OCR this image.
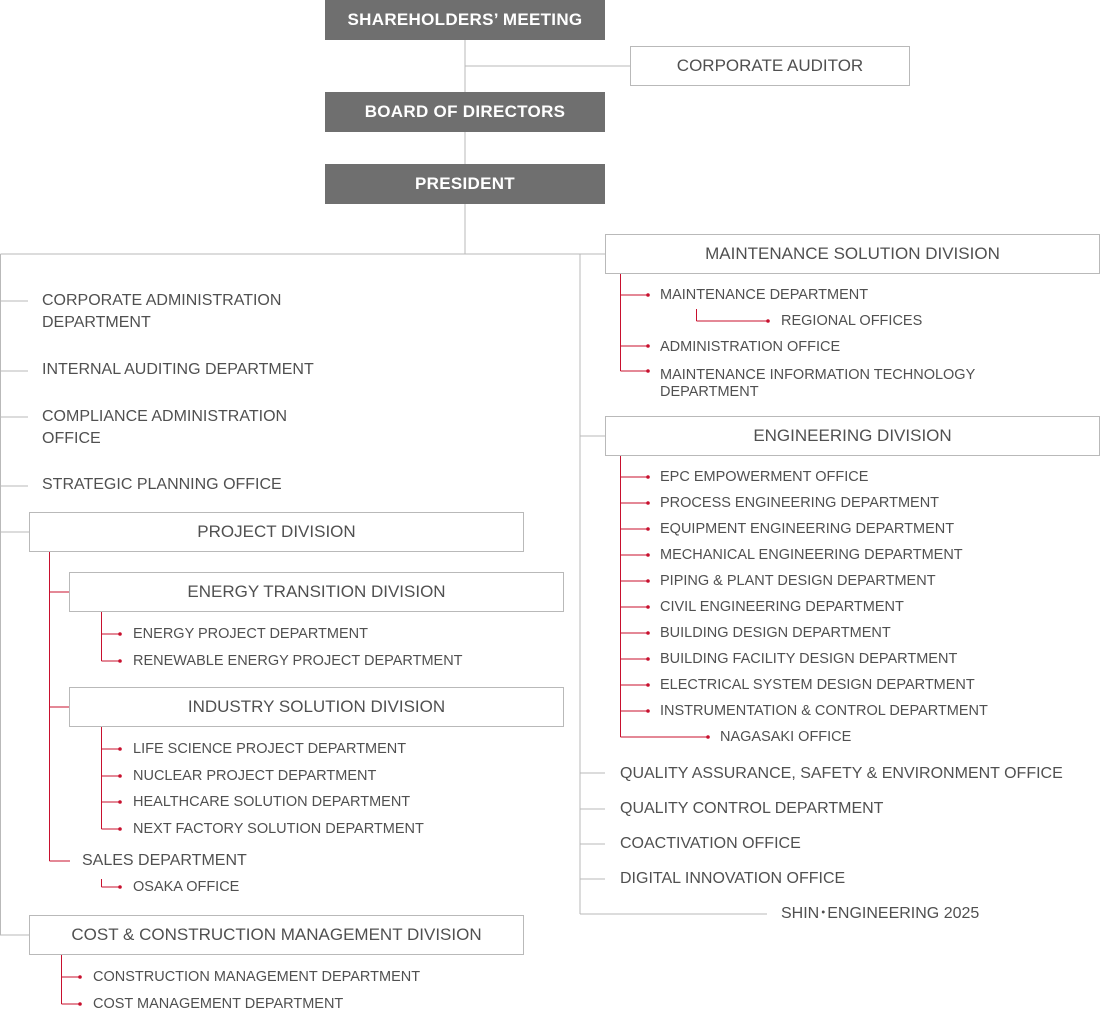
SHAREHOLDERS’ MEETING
CORPORATE AUDITOR
BOARD OF DIRECTORS
PRESIDENT
CORPORATE ADMINISTRATION DEPARTMENT
INTERNAL AUDITING DEPARTMENT
COMPLIANCE ADMINISTRATION OFFICE
STRATEGIC PLANNING OFFICE
PROJECT DIVISION
ENERGY TRANSITION DIVISION
ENERGY PROJECT DEPARTMENT
RENEWABLE ENERGY PROJECT DEPARTMENT
INDUSTRY SOLUTION DIVISION
LIFE SCIENCE PROJECT DEPARTMENT
NUCLEAR PROJECT DEPARTMENT
HEALTHCARE SOLUTION DEPARTMENT
NEXT FACTORY SOLUTION DEPARTMENT
SALES DEPARTMENT
OSAKA OFFICE
COST & CONSTRUCTION MANAGEMENT DIVISION
CONSTRUCTION MANAGEMENT DEPARTMENT
COST MANAGEMENT DEPARTMENT
MAINTENANCE SOLUTION DIVISION
MAINTENANCE DEPARTMENT
REGIONAL OFFICES
ADMINISTRATION OFFICE
MAINTENANCE INFORMATION TECHNOLOGY DEPARTMENT
ENGINEERING DIVISION
EPC EMPOWERMENT OFFICE
PROCESS ENGINEERING DEPARTMENT
EQUIPMENT ENGINEERING DEPARTMENT
MECHANICAL ENGINEERING DEPARTMENT
PIPING & PLANT DESIGN DEPARTMENT
CIVIL ENGINEERING DEPARTMENT
BUILDING DESIGN DEPARTMENT
BUILDING FACILITY DESIGN DEPARTMENT
ELECTRICAL SYSTEM DESIGN DEPARTMENT
INSTRUMENTATION & CONTROL DEPARTMENT
NAGASAKI OFFICE
QUALITY ASSURANCE, SAFETY & ENVIRONMENT OFFICE
QUALITY CONTROL DEPARTMENT
COACTIVATION OFFICE
DIGITAL INNOVATION OFFICE
SHIN･ENGINEERING 2025
